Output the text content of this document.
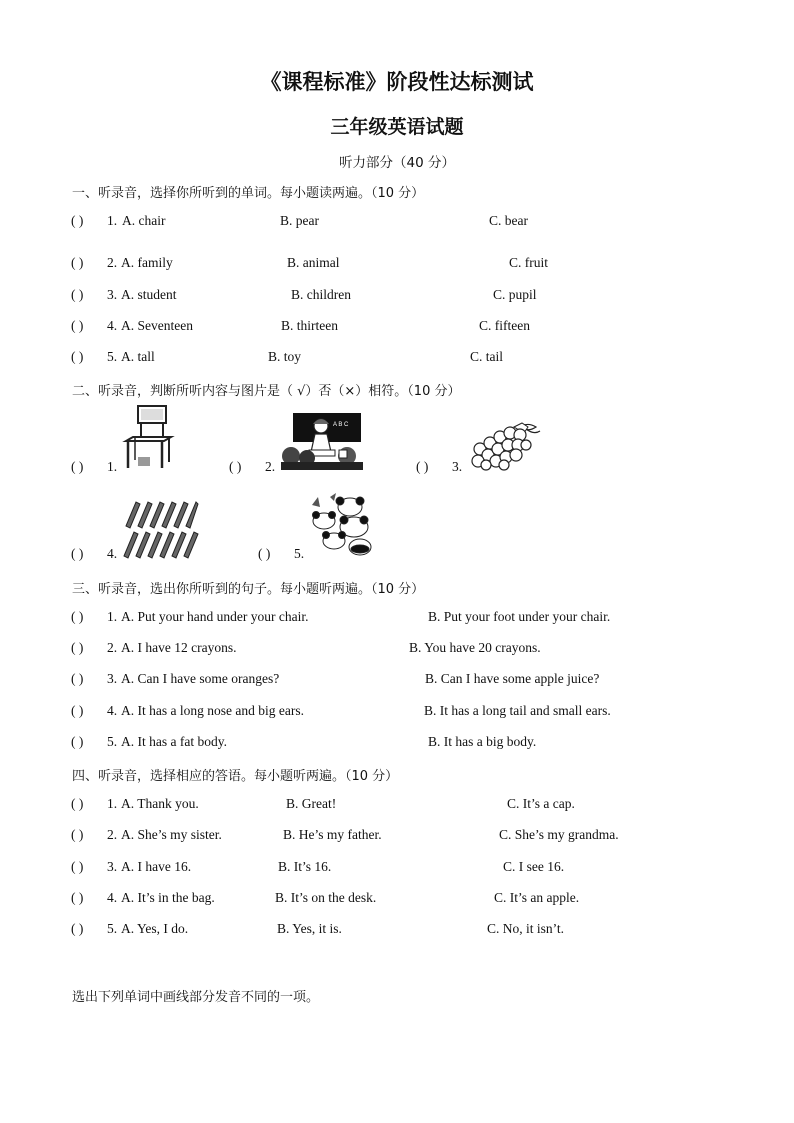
《课程标准》阶段性达标测试
三年级英语试题
听力部分（40 分）
一、听录音，选择你所听到的单词。每小题读两遍。（10 分）
( ) 1. A. chair	B. pear	C. bear
( ) 2. A. family	B. animal	C. fruit
( ) 3. A. student	B. children	C. pupil
( ) 4. A. Seventeen	B. thirteen	C. fifteen
( ) 5. A. tall	B. toy	C. tail
二、听录音，判断所听内容与图片是（ √）否（×）相符。（10 分）
( ) 1.	( ) 2.
A B C
( ) 3.
( ) 4.	( ) 5.
三、听录音，选出你所听到的句子。每小题听两遍。（10 分）
( ) 1. A. Put your hand under your chair.	B. Put your foot under your chair.
( ) 2. A. I have 12 crayons.	B. You have 20 crayons.
( ) 3. A. Can I have some oranges?	B. Can I have some apple juice?
( ) 4. A. It has a long nose and big ears.	B. It has a long tail and small ears.
( ) 5. A. It has a fat body.	B. It has a big body.
四、听录音，选择相应的答语。每小题听两遍。（10 分）
( ) 1. A. Thank you.	B. Great!	C. It’s a cap.
( ) 2. A. She’s my sister.	B. He’s my father.	C. She’s my grandma.
( ) 3. A. I have 16.	B. It’s 16.	C. I see 16.
( ) 4. A. It’s in the bag.	B. It’s on the desk.	C. It’s an apple.
( ) 5. A. Yes, I do.	B. Yes, it is.	C. No, it isn’t.
选出下列单词中画线部分发音不同的一项。
